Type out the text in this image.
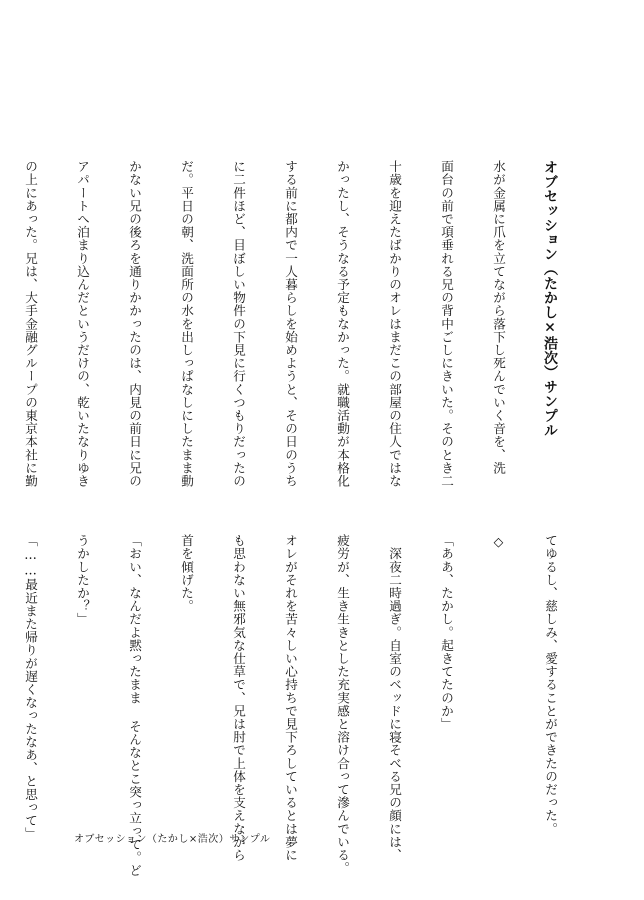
オブセッション（たかし×浩次）サンプル

水が金属に爪を立てながら落下し死んでいく音を、洗

面台の前で項垂れる兄の背中ごしにきいた。そのとき二

十歳を迎えたばかりのオレはまだこの部屋の住人ではな

かったし、そうなる予定もなかった。就職活動が本格化

する前に都内で一人暮らしを始めようと、その日のうち

に二件ほど、目ぼしい物件の下見に行くつもりだったの

だ。平日の朝、洗面所の水を出しっぱなしにしたまま動

かない兄の後ろを通りかかったのは、内見の前日に兄の

アパートへ泊まり込んだというだけの、乾いたなりゆき

の上にあった。兄は、大手金融グループの東京本社に勤

てゆるし、慈しみ、愛することができたのだった。

◇

「ああ、たかし。起きてたのか」

　深夜二時過ぎ。自室のベッドに寝そべる兄の顔には、

疲労が、生き生きとした充実感と溶け合って滲んでいる。

オレがそれを苦々しい心持ちで見下ろしているとは夢に

も思わない無邪気な仕草で、兄は肘で上体を支えながら

首を傾げた。

「おい、なんだよ黙ったまま そんなとこ突っ立って。ど

うかしたか？」

「……最近また帰りが遅くなったなあ、と思って」

	オブセッション（たかし×浩次）サンプル
